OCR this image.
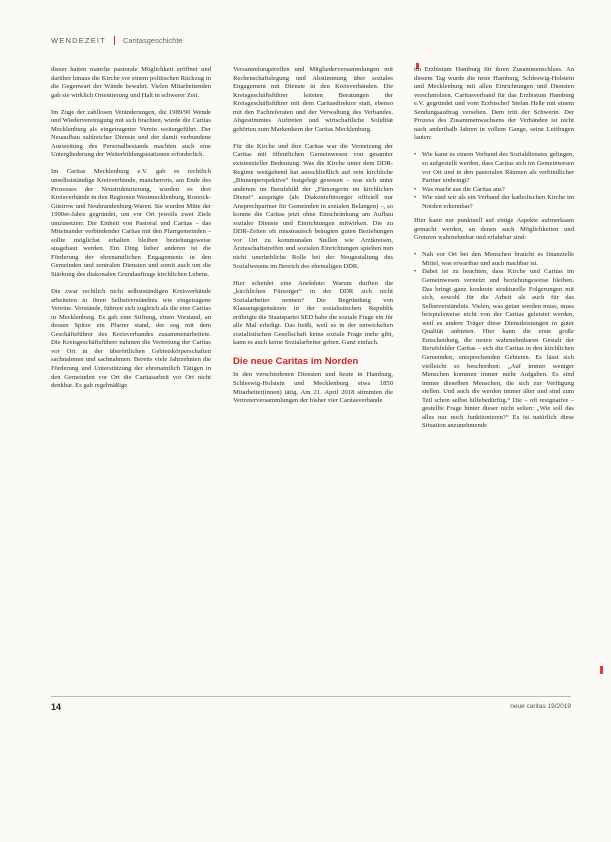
WENDEZEIT Caritasgeschichte

dieser hatten manche pastorale Möglichkeit eröffnet und darüber hinaus die Kirche vor einem politischen Rückzug in die Gegenwart der Wände bewahrt. Vielen Mitarbeitenden gab sie wirklich Orientierung und Halt in schwerer Zeit.

Im Zuge der zahllosen Veränderungen, die 1989/90 Wende und Wiedervereinigung mit sich brachten, wurde die Caritas Mecklenburg als eingetragener Verein weitergeführt. Der Neuaufbau zahlreicher Dienste und der damit verbundene Ausweitung des Personalbestands machten auch eine Untergliederung der Weiterbildungsstationen erforderlich.

Im Caritas Mecklenburg e.V. gab es rechtlich unselbstständige Kreisverbände, mancherorts, am Ende des Prozesses der Neustrukturierung, wurden es drei Kreisverbände in den Regionen Westmecklenburg, Rostock-Güstrow und Neubrandenburg-Waren. Sie wurden Mitte der 1990er-Jahre gegründet, um vor Ort jeweils zwei Ziele umzusetzen: Die Einheit von Pastoral und Caritas – das Miteinander verbindender Caritas mit den Pfarrgemeinden – sollte möglichst erhalten bleiben beziehungsweise ausgebaut werden. Ein Ding lieber anderen ist die Förderung der ehrenamtlichen Engagements in den Gemeinden und zentralen Diensten und somit auch um die Stärkung des diakonalen Grundauftrags kirchlichen Lebens.

Die zwar rechtlich nicht selbstständigen Kreisverbände arbeiteten in ihren Selbstverständnis wie eingetragene Vereine. Vorstände, führten sich zugleich als die eine Caritas in Mecklenburg. Es gab eine Stiftung, einen Vorstand, an dessen Spitze ein Pfarrer stand, der sog mit dem Geschäftsführer des Kreisverbandes zusammenarbeitete. Die Kreisgeschäftsführer nahmen die Vertretung der Caritas vor Ort in der überörtlichen Gebietskörperschaften sachnahmen und sachnahmen. Bereits viele Jahrzehnten die Förderung und Unterstützung der ehrenamtlich Tätigen in den Gemeinden vor Ort die Caritasarbeit vor Ort nicht denkbar. Es gab regelmäßige

Versammlungstreffen und Mitgliederversammlungen mit Rechenschaftslegung und Abstimmung über soziales Engagement mit Dienste in den Kreisverbänden. Die Kreisgeschäftsführer leiteten Beratungen der Kreisgeschäftsführer mit dem Caritasdirektor statt, ebenso mit den Fachreferaten und der Verwaltung des Verbandes. Abgestimmtes Auftreten und wirtschaftliche Solidität gehörten zum Markenkern der Caritas Mecklenburg.

Für die Kirche und ihre Caritas war die Vernetzung der Caritas mit öffentlichen Gemeinwesen von gesamter existenzieller Bedeutung. Was die Kirche unter dem DDR-Regime weitgehend hat ausschließlich auf rein kirchliche „Binnenperspektive“ festgelegt gewesen – was sich unter anderem im Berufsbild der „Fürsorgerin im kirchlichen Dienst“ ausprägte (als Diakoniefürsorger offiziell nur Ansprechpartner für Gemeinden in sozialen Belangen) –, so konnte die Caritas jetzt ohne Einschränkung am Aufbau sozialer Dienste und Einrichtungen mitwirken. Die zu DDR-Zeiten oft misstrauisch beäugten guten Beziehungen vor Ort zu kommunalen Stellen wie Arztkreisen, Ärzteschaftstreffen und sozialen Einrichtungen spielten nun nicht unerhebliche Rolle bei der Neugestaltung des Sozialwesens im Bereich des ehemaligen DDR.

Hier scheidet eine Anekdote: Warum durften die „kirchlichen Fürsorger“ in der DDR sich nicht Sozialarbeiter nennen? Die Begründung von Klassengegensätzen in der sozialistischen Republik erübrigte die Staatspartei SED habe die soziale Frage ein für alle Mal erledigt. Das heißt, weil es in der entwickelten sozialistischen Gesellschaft keine soziale Frage mehr gibt, kann es auch keine Sozialarbeiter geben. Ganz einfach.

Die neue Caritas im Norden

In den verschiedenen Diensten und heute in Hamburg, Schleswig-Holstein und Mecklenburg etwa 1850 Mitarbeiter(innen) tätig. Am 21. April 2018 stimmten die Vertreterversammlungen der bisher vier Caritasverbände

im Erzbistum Hamburg für ihren Zusammenschluss. An diesem Tag wurde die neue Hamburg, Schleswig-Holstein und Mecklenburg mit allen Einrichtungen und Diensten verschmolzen. Caritasverband für das Erzbistum Hamburg e.V. gegründet und vom Erzbischof Stefan Heße mit einem Sendungsauftrag versehen. Dem tritt der Schwerin. Der Prozess des Zusammenwachsens der Verbänden ist nicht nach anderthalb Jahren in vollem Gange, seine Leitfragen lauten:

• Wie kann es einem Verband des Sozialdienstes gelingen, so aufgestellt werden, dass Caritas sich im Gemeinwesen vor Ort und in den pastoralen Räumen als verbindlicher Partner einbringt?
• Was macht aus die Caritas aus?
• Wie sind wir als ein Verband der katholischen Kirche im Norden erkennbar?

Hier kann nur punktuell auf einige Aspekte aufmerksam gemacht werden, an denen auch Möglichkeiten und Grenzen wahrnehmbar und erfahrbar sind:

• Nah vor Ort bei den Menschen braucht es finanzielle Mittel, was erwartbar und auch machbar ist.
• Dabei ist zu beachten, dass Kirche und Caritas im Gemeinwesen vernetzt und beziehungsweise bleiben. Das bringt ganz konkrete strukturelle Folgerungen mit sich, sowohl für die Arbeit als auch für das Selbstverständnis. Vielen, was getan werden muss, muss beispielsweise nicht von der Caritas geleistet werden, weil es andere Träger diese Dienstleistungen in guter Qualität anbieten. Hier kann die erste große Entscheidung, die neuen wahrnehmbaren Gestalt der Berufsfelder Caritas – sich die Caritas in den kirchlichen Gemeinden, entsprechenden Gebieten. Es lässt sich vielleicht so beschreiben: „Auf immer weniger Menschen kommen immer mehr Aufgaben. Es sind immer dieselben Menschen, die sich zur Verfügung stellen. Und auch die werden immer älter und sind zum Teil schon selbst hilfebedürftig.“ Die – oft resignative – gestellte Frage hinter dieser nicht selten: „Wie soll das alles nur noch funktionieren?“ Es ist natürlich diese Situation anzunehmende
14	neue caritas 19/2019
